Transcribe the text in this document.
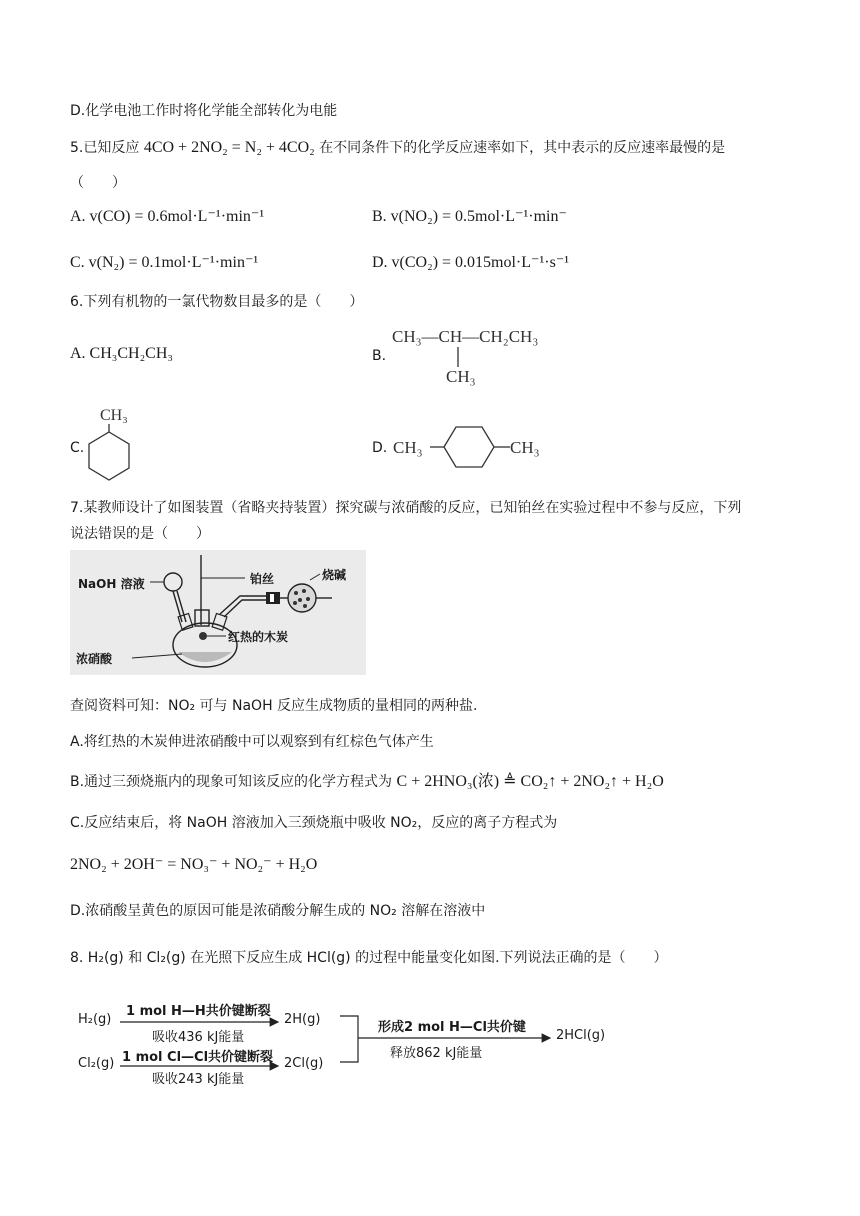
D.化学电池工作时将化学能全部转化为电能
5.已知反应 4CO + 2NO₂ = N₂ + 4CO₂ 在不同条件下的化学反应速率如下，其中表示的反应速率最慢的是
（　　）
A. v(CO) = 0.6mol·L⁻¹·min⁻¹	B. v(NO₂) = 0.5mol·L⁻¹·min⁻
C. v(N₂) = 0.1mol·L⁻¹·min⁻¹	D. v(CO₂) = 0.015mol·L⁻¹·s⁻¹
6.下列有机物的一氯代物数目最多的是（　　）
A. CH₃CH₂CH₃	B.
CH₃—CH—CH₂CH₃
CH₃
C.
CH₃
D. CH₃	CH₃
7.某教师设计了如图装置（省略夹持装置）探究碳与浓硝酸的反应，已知铂丝在实验过程中不参与反应，下列
说法错误的是（　　）
NaOH 溶液	铂丝	烧碱
红热的木炭
浓硝酸
查阅资料可知：NO₂ 可与 NaOH 反应生成物质的量相同的两种盐.
A.将红热的木炭伸进浓硝酸中可以观察到有红棕色气体产生
B.通过三颈烧瓶内的现象可知该反应的化学方程式为 C + 2HNO₃(浓) ≜ CO₂↑ + 2NO₂↑ + H₂O
C.反应结束后，将 NaOH 溶液加入三颈烧瓶中吸收 NO₂，反应的离子方程式为
2NO₂ + 2OH⁻ = NO₃⁻ + NO₂⁻ + H₂O
D.浓硝酸呈黄色的原因可能是浓硝酸分解生成的 NO₂ 溶解在溶液中
8. H₂(g) 和 Cl₂(g) 在光照下反应生成 HCl(g) 的过程中能量变化如图.下列说法正确的是（　　）
H₂(g)
1 mol H—H共价键断裂
吸收436 kJ能量
2H(g)
Cl₂(g) 1 mol Cl—Cl共价键断裂
吸收243 kJ能量
2Cl(g)
形成2 mol H—Cl共价键
释放862 kJ能量
2HCl(g)
